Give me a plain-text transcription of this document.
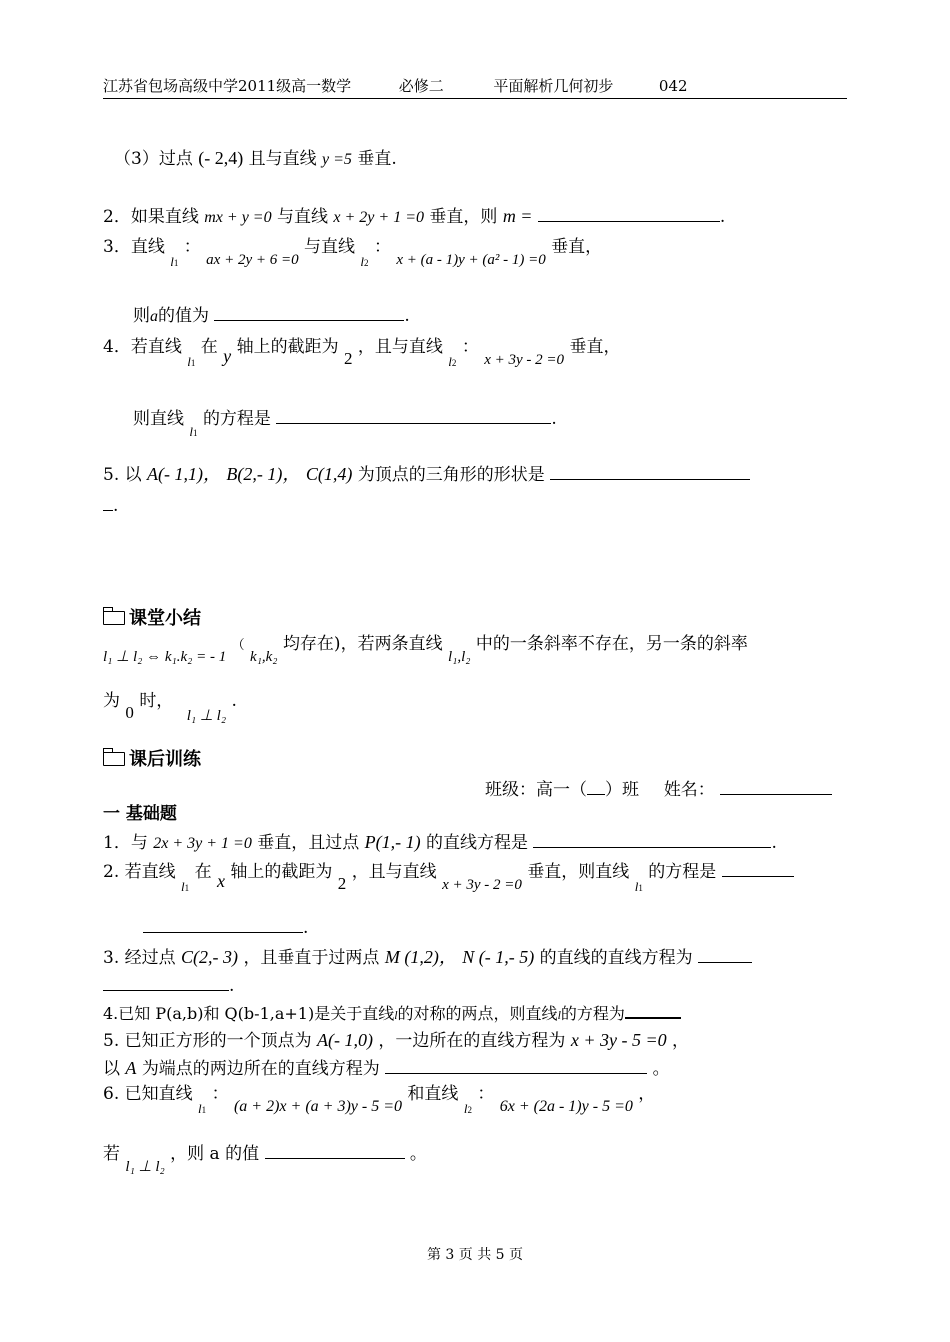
江苏省包场高级中学2011级高一数学	必修二	平面解析几何初步	042
（3）过点 (- 2,4) 且与直线 y =5 垂直.
2．如果直线 mx + y =0 与直线 x + 2y + 1 =0 垂直，则 m =	.
3．直线 $_{l1}$ ： ax + 2y + 6 =0 与直线 $_{l2}$ ： x + (a - 1)y + (a² - 1) =0 垂直，
则a的值为	.
4．若直线 $_{l1}$ 在 y 轴上的截距为 2 ，且与直线 $_{l2}$ ： x + 3y - 2 =0 垂直，
则直线 $_{l1}$ 的方程是	.
5. 以 A(- 1,1)， B(2,- 1)， C(1,4) 为顶点的三角形的形状是
.
课堂小结
l₁ ⊥ l₂ ⇔ k₁.k₂ = - 1 （ k₁,k₂ 均存在)，若两条直线 l₁,l₂ 中的一条斜率不存在，另一条的斜率
为 0 时， l₁ ⊥ l₂ .
课后训练
班级：高一（ ）班 姓名：
一 基础题
1．与 2x + 3y + 1 =0 垂直，且过点 P(1,- 1) 的直线方程是	.
2. 若直线 $_{l1}$ 在 x 轴上的截距为 2 ，且与直线 x + 3y - 2 =0 垂直，则直线 $_{l1}$ 的方程是
.
3. 经过点 C(2,- 3) ，且垂直于过两点 M (1,2)， N (- 1,- 5) 的直线的直线方程为
.
4.已知 P(a,b)和 Q(b-1,a+1)是关于直线l的对称的两点，则直线l的方程为
5. 已知正方形的一个顶点为 A(- 1,0) ，一边所在的直线方程为 x + 3y - 5 =0 ，
以 A 为端点的两边所在的直线方程为	。
6. 已知直线 $_{l1}$ ： (a + 2)x + (a + 3)y - 5 =0 和直线 $_{l2}$ ： 6x + (2a - 1)y - 5 =0 ，
若 l₁ ⊥ l₂ ，则 a 的值	。
第 3 页 共 5 页
